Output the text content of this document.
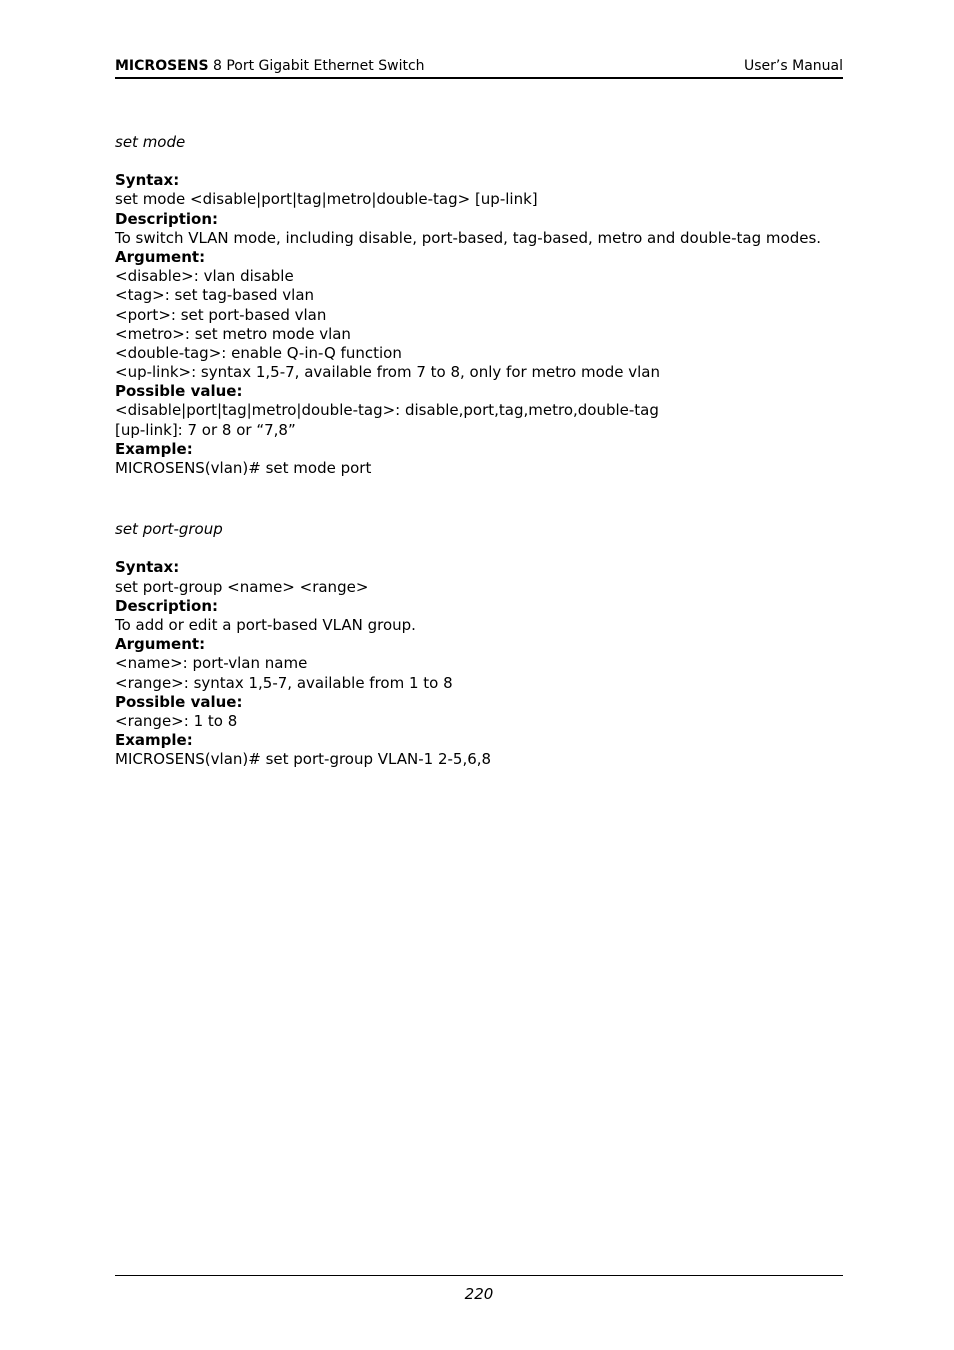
MICROSENS 8 Port Gigabit Ethernet Switch	User’s Manual
set mode
Syntax:
set mode <disable|port|tag|metro|double-tag> [up-link]
Description:
To switch VLAN mode, including disable, port-based, tag-based, metro and double-tag modes.
Argument:
<disable>: vlan disable
<tag>: set tag-based vlan
<port>: set port-based vlan
<metro>: set metro mode vlan
<double-tag>: enable Q-in-Q function
<up-link>: syntax 1,5-7, available from 7 to 8, only for metro mode vlan
Possible value:
<disable|port|tag|metro|double-tag>: disable,port,tag,metro,double-tag
[up-link]: 7 or 8 or “7,8”
Example:
MICROSENS(vlan)# set mode port
set port-group
Syntax:
set port-group <name> <range>
Description:
To add or edit a port-based VLAN group.
Argument:
<name>: port-vlan name
<range>: syntax 1,5-7, available from 1 to 8
Possible value:
<range>: 1 to 8
Example:
MICROSENS(vlan)# set port-group VLAN-1 2-5,6,8
220
